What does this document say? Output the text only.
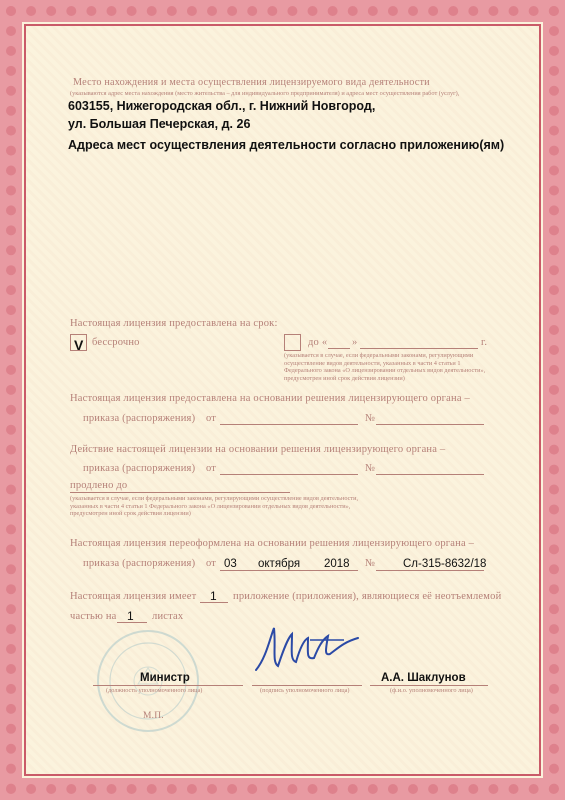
Место нахождения и места осуществления лицензируемого вида деятельности
(указываются адрес места нахождения (место жительства – для индивидуального предпринимателя) и адреса мест осуществления работ (услуг),
603155, Нижегородская обл., г. Нижний Новгород,
ул. Большая Печерская, д. 26
Адреса мест осуществления деятельности согласно приложению(ям)
Настоящая лицензия предоставлена на срок:
V бессрочно	до « »	г.
(указывается в случае, если федеральными законами, регулирующими осуществление видов деятельности, указанных в части 4 статьи 1 Федерального закона «О лицензировании отдельных видов деятельности», предусмотрен иной срок действия лицензии)
Настоящая лицензия предоставлена на основании решения лицензирующего органа –
приказа (распоряжения) от	№
Действие настоящей лицензии на основании решения лицензирующего органа –
приказа (распоряжения) от	№
продлено до
(указывается в случае, если федеральными законами, регулирующими осуществление видов деятельности, указанных в части 4 статьи 1 Федерального закона «О лицензировании отдельных видов деятельности», предусмотрен иной срок действия лицензии)
Настоящая лицензия переоформлена на основании решения лицензирующего органа –
приказа (распоряжения) от 03 октября 2018 № Сл-315-8632/18
Настоящая лицензия имеет 1 приложение (приложения), являющиеся её неотъемлемой
частью на 1 листах
Министр
(должность уполномоченного лица)	(подпись уполномоченного лица)
А.А. Шаклунов
(ф.и.о. уполномоченного лица)
М.П.
